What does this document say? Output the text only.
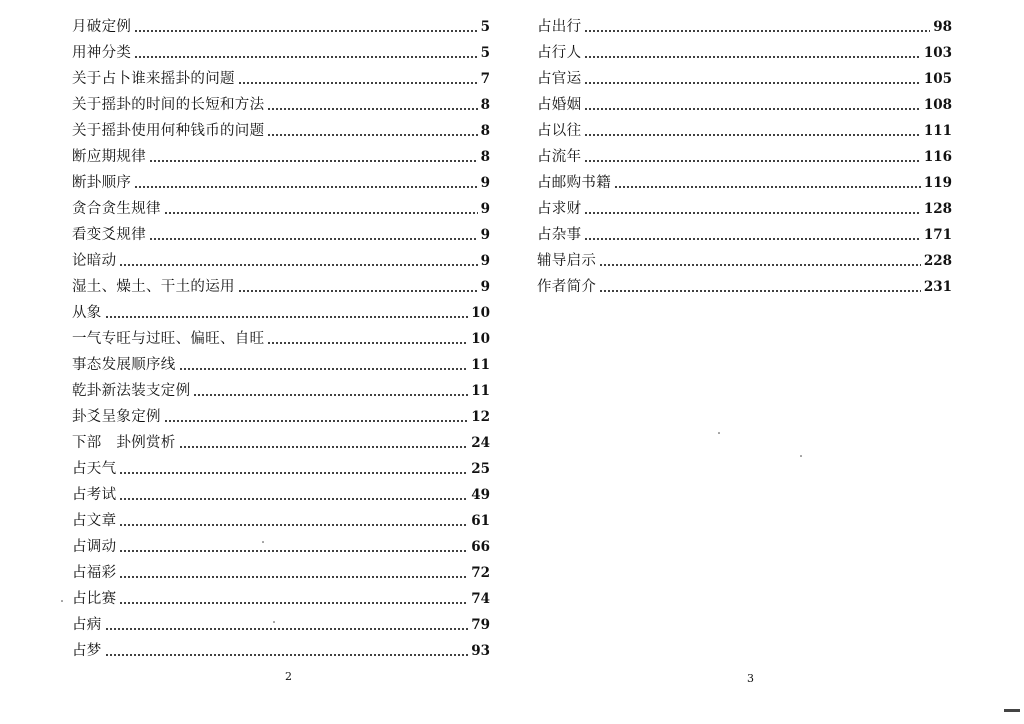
月破定例	5
用神分类	5
关于占卜谁来摇卦的问题	7
关于摇卦的时间的长短和方法	8
关于摇卦使用何种钱币的问题	8
断应期规律	8
断卦顺序	9
贪合贪生规律	9
看变爻规律	9
论暗动	9
湿土、燥土、干土的运用	9
从象	10
一气专旺与过旺、偏旺、自旺	10
事态发展顺序线	11
乾卦新法装支定例	11
卦爻呈象定例	12
下部　卦例赏析	24
占天气	25
占考试	49
占文章	61
占调动	66
占福彩	72
占比赛	74
占病	79
占梦	93
占出行	98
占行人	103
占官运	105
占婚姻	108
占以往	111
占流年	116
占邮购书籍	119
占求财	128
占杂事	171
辅导启示	228
作者简介	231
2	3
